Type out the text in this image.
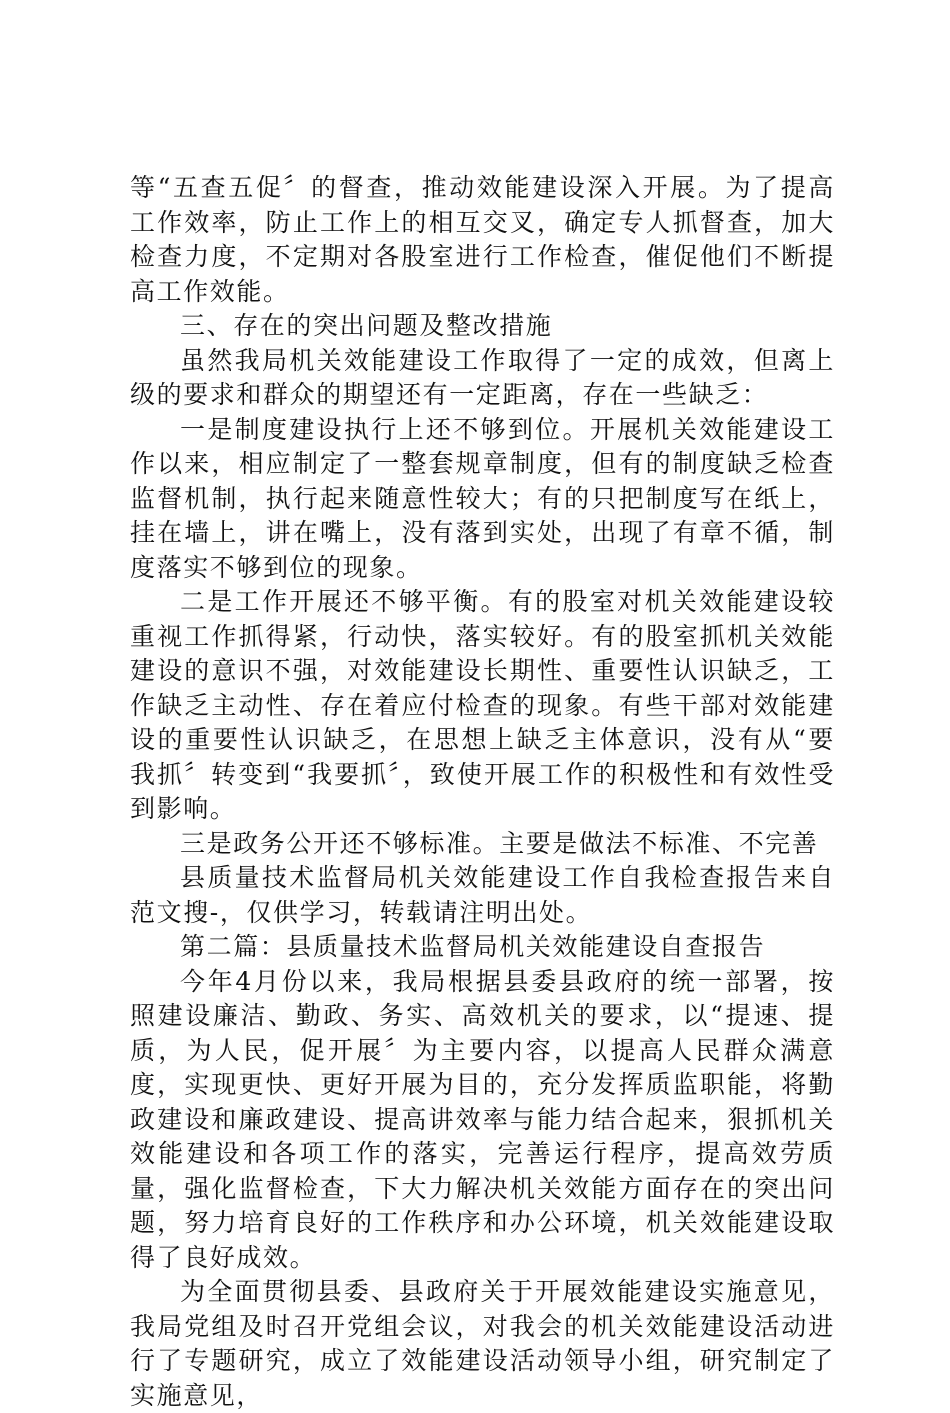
等“五查五促〞的督查，推动效能建设深入开展。为了提高工作效率，防止工作上的相互交叉，确定专人抓督查，加大检查力度，不定期对各股室进行工作检查，催促他们不断提高工作效能。

三、存在的突出问题及整改措施

虽然我局机关效能建设工作取得了一定的成效，但离上级的要求和群众的期望还有一定距离，存在一些缺乏：

一是制度建设执行上还不够到位。开展机关效能建设工作以来，相应制定了一整套规章制度，但有的制度缺乏检查监督机制，执行起来随意性较大；有的只把制度写在纸上，挂在墙上，讲在嘴上，没有落到实处，出现了有章不循，制度落实不够到位的现象。

二是工作开展还不够平衡。有的股室对机关效能建设较重视工作抓得紧，行动快，落实较好。有的股室抓机关效能建设的意识不强，对效能建设长期性、重要性认识缺乏，工作缺乏主动性、存在着应付检查的现象。有些干部对效能建设的重要性认识缺乏，在思想上缺乏主体意识，没有从“要我抓〞转变到“我要抓〞，致使开展工作的积极性和有效性受到影响。

三是政务公开还不够标准。主要是做法不标准、不完善

县质量技术监督局机关效能建设工作自我检查报告来自范文搜-，仅供学习，转载请注明出处。

第二篇：县质量技术监督局机关效能建设自查报告

今年4月份以来，我局根据县委县政府的统一部署，按照建设廉洁、勤政、务实、高效机关的要求，以“提速、提质，为人民，促开展〞为主要内容，以提高人民群众满意度，实现更快、更好开展为目的，充分发挥质监职能，将勤政建设和廉政建设、提高讲效率与能力结合起来，狠抓机关效能建设和各项工作的落实，完善运行程序，提高效劳质量，强化监督检查，下大力解决机关效能方面存在的突出问题，努力培育良好的工作秩序和办公环境，机关效能建设取得了良好成效。

为全面贯彻县委、县政府关于开展效能建设实施意见，我局党组及时召开党组会议，对我会的机关效能建设活动进行了专题研究，成立了效能建设活动领导小组，研究制定了实施意见，
